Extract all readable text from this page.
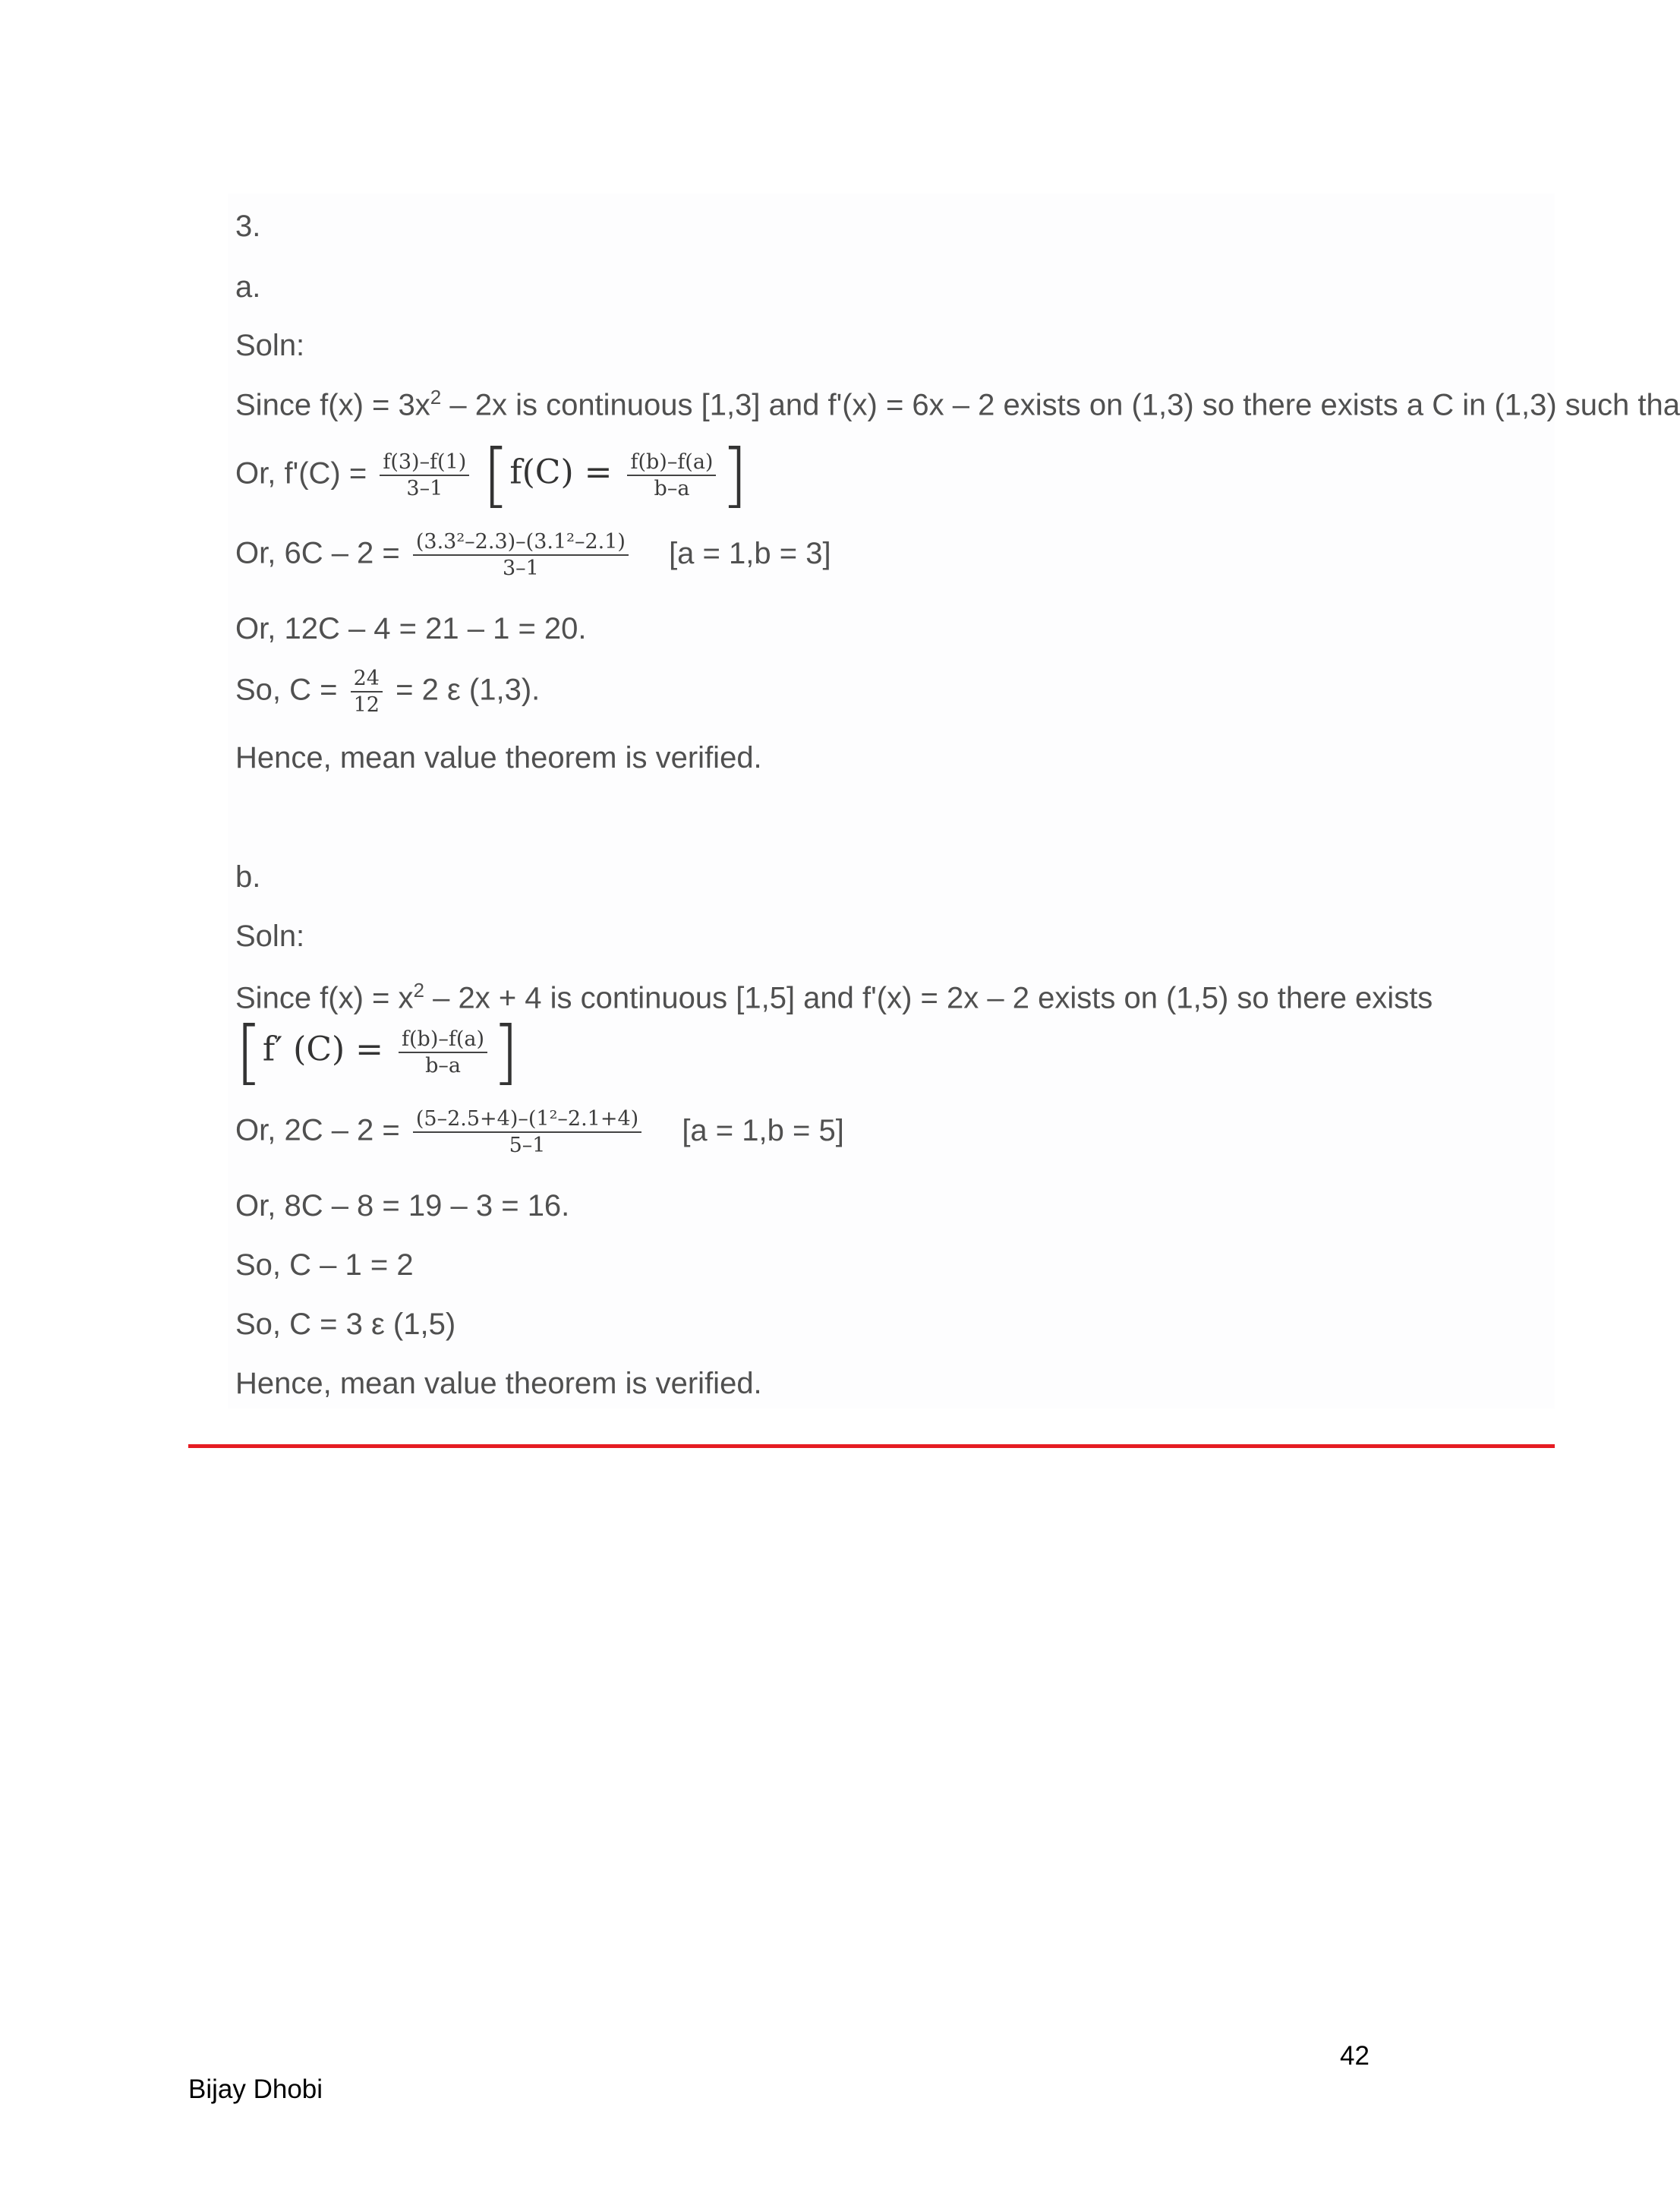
3.
a.
Soln:
Since $f(x) = 3x^2 - 2x$ is continuous [1,3] and f'(x) = 6x – 2 exists on (1,3) so there exists a C in (1,3) such tha
Or, $f'(C) = \frac{f(3)-f(1)}{3-1} [f(C) = \frac{f(b)-f(a)}{b-a}$ ]
Or, $6C - 2 = \frac{\text{(3.3²–2.3)–(3.1²–2.1)}}{3-1} [a = 1,b = 3]$
Or, 12C – 4 = 21 – 1 = 20.
So, $C = \frac{24}{12} = 2$ ε (1,3).
Hence, mean value theorem is verified.
b.
Soln:
Since $f(x) = x^2 - 2x + 4$ is continuous [1,5] and f'(x) = 2x – 2 exists on (1,5) so there exists
[f′ $(C) = \frac{f(b)-f(a)}{b-a}$ ]
Or, $2C - 2 = \frac{\text{(5–2.5+4)–(1²–2.1+4)}}{5-1} [a = 1,b = 5]$
Or, 8C – 8 = 19 – 3 = 16.
So, C – 1 = 2
So, C = 3 ε (1,5)
Hence, mean value theorem is verified.
42
Bijay Dhobi
